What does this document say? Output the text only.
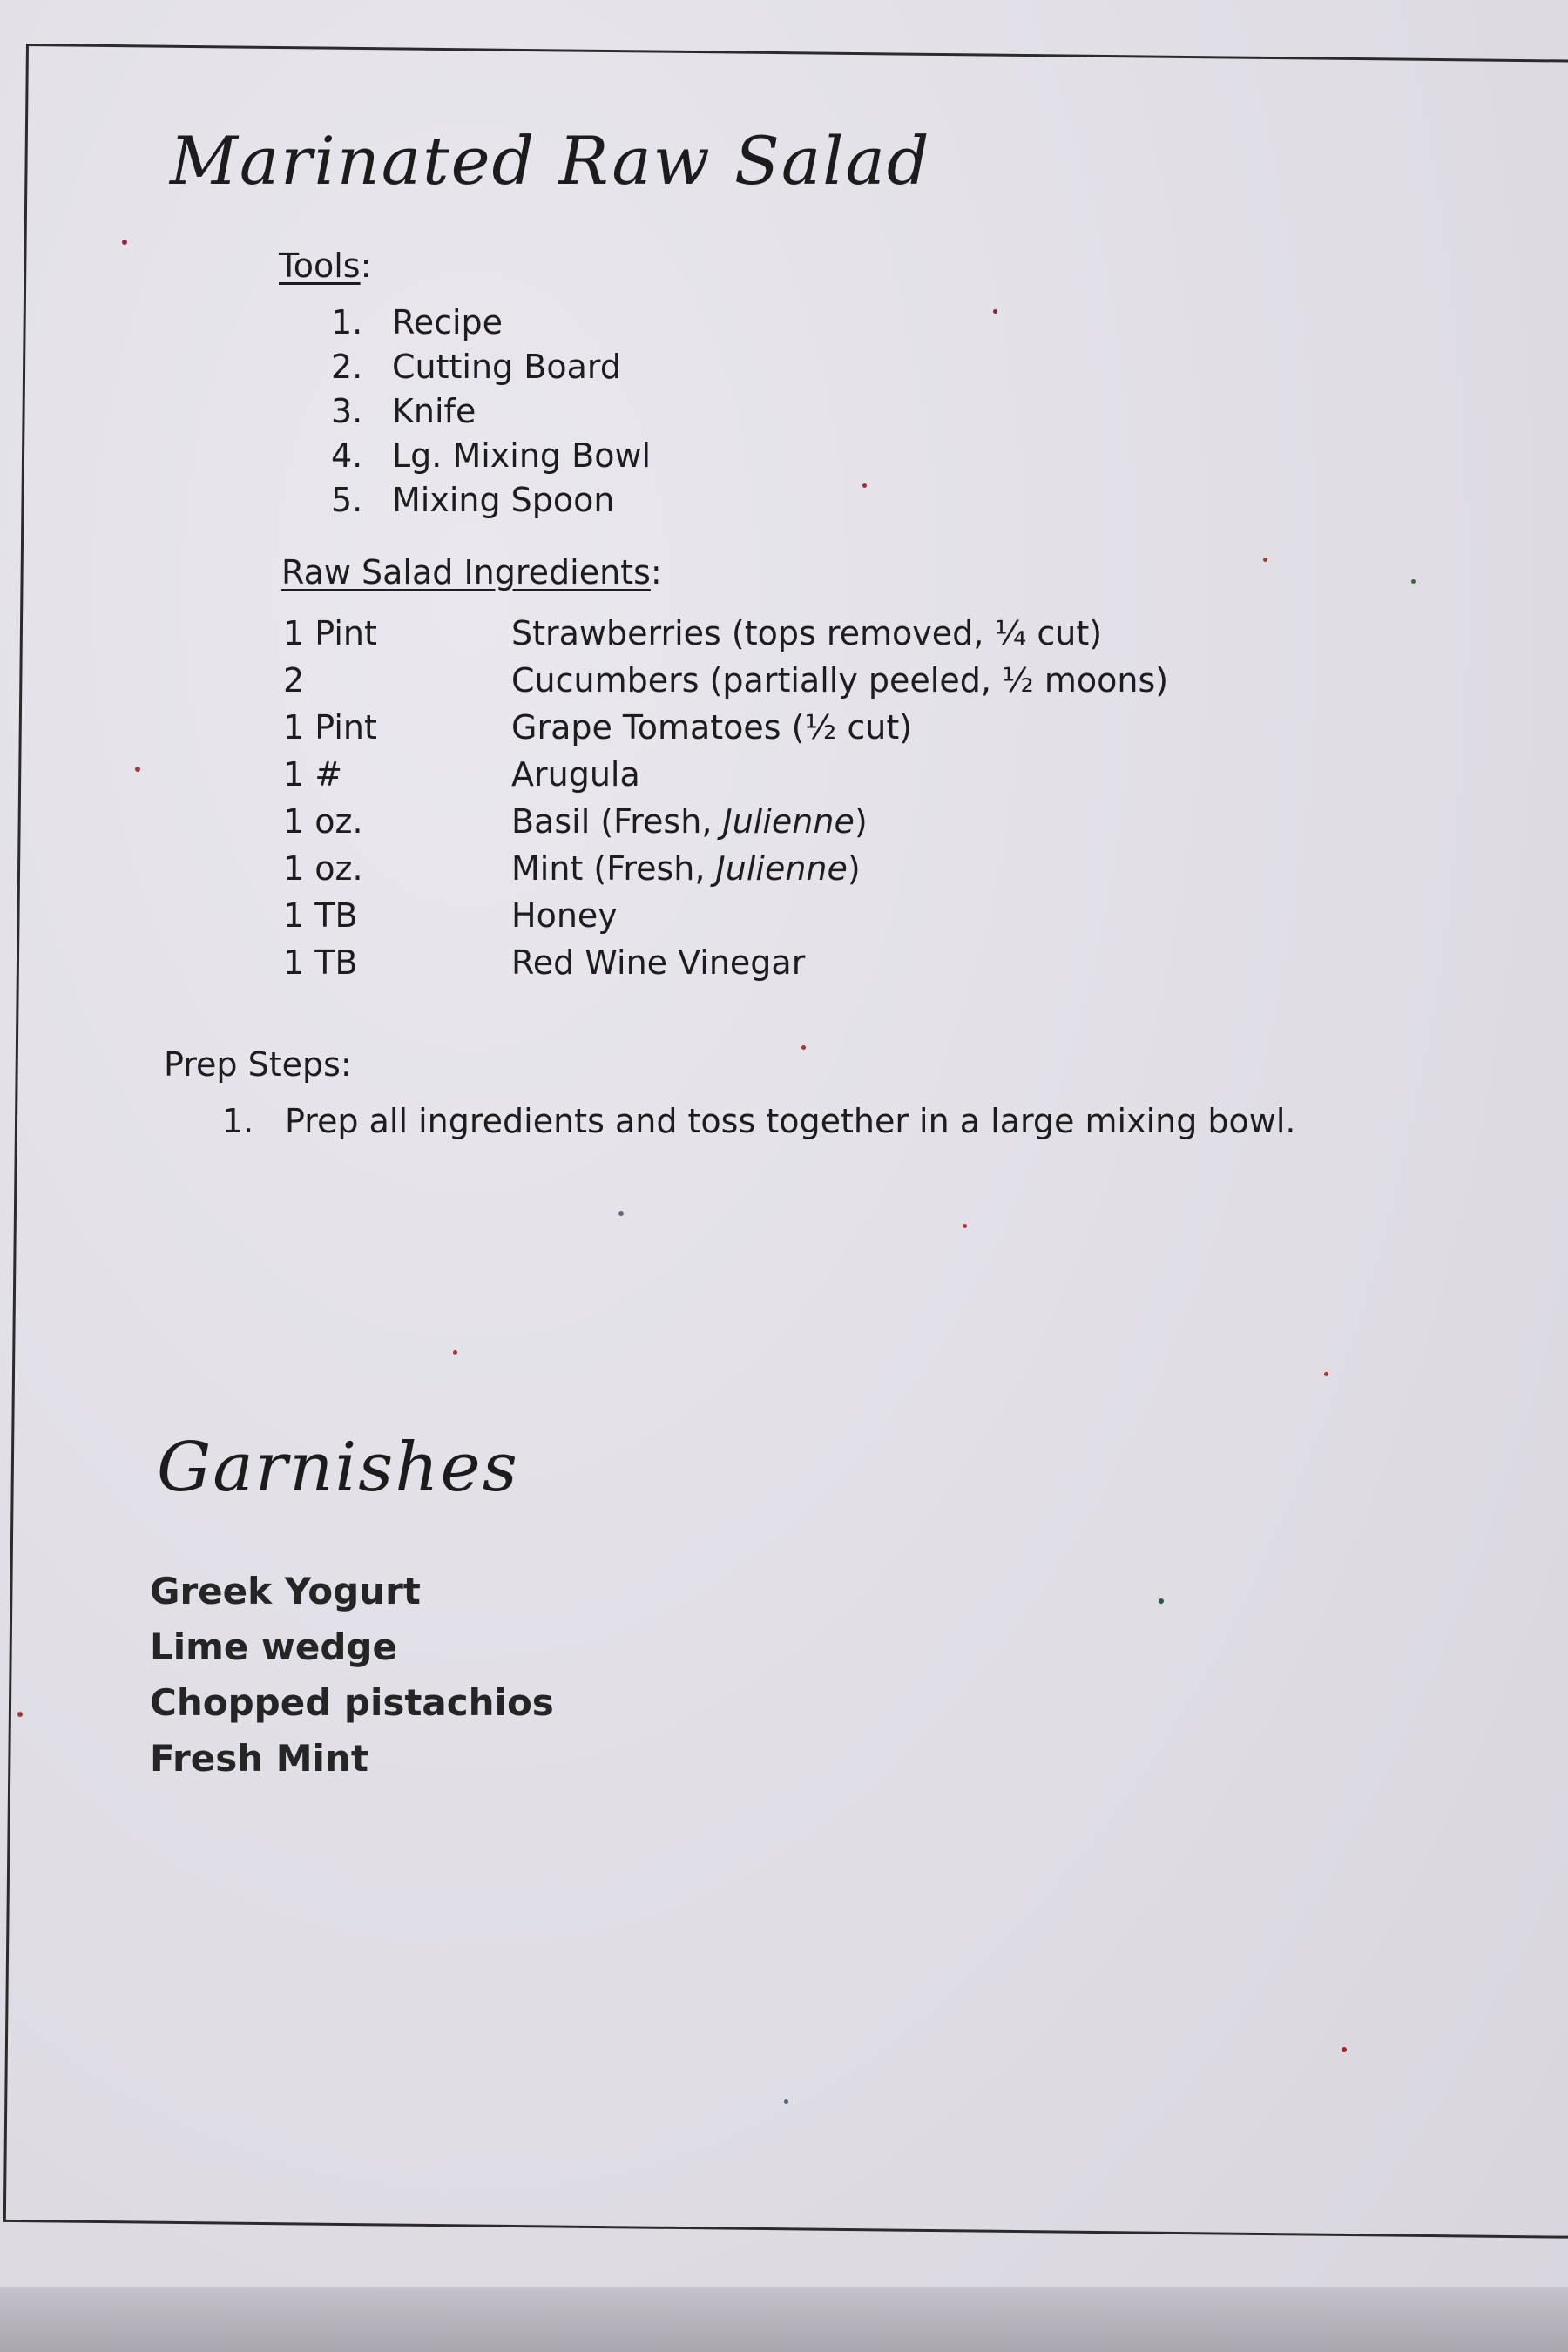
Marinated Raw Salad
Tools:
1. Recipe
2. Cutting Board
3. Knife
4. Lg. Mixing Bowl
5. Mixing Spoon
Raw Salad Ingredients:
1 Pint	Strawberries (tops removed, ¼ cut)
2	Cucumbers (partially peeled, ½ moons)
1 Pint	Grape Tomatoes (½ cut)
1 #	Arugula
1 oz.	Basil (Fresh, Julienne)
1 oz.	Mint (Fresh, Julienne)
1 TB	Honey
1 TB	Red Wine Vinegar
Prep Steps:
1. Prep all ingredients and toss together in a large mixing bowl.
Garnishes
Greek Yogurt
Lime wedge
Chopped pistachios
Fresh Mint
